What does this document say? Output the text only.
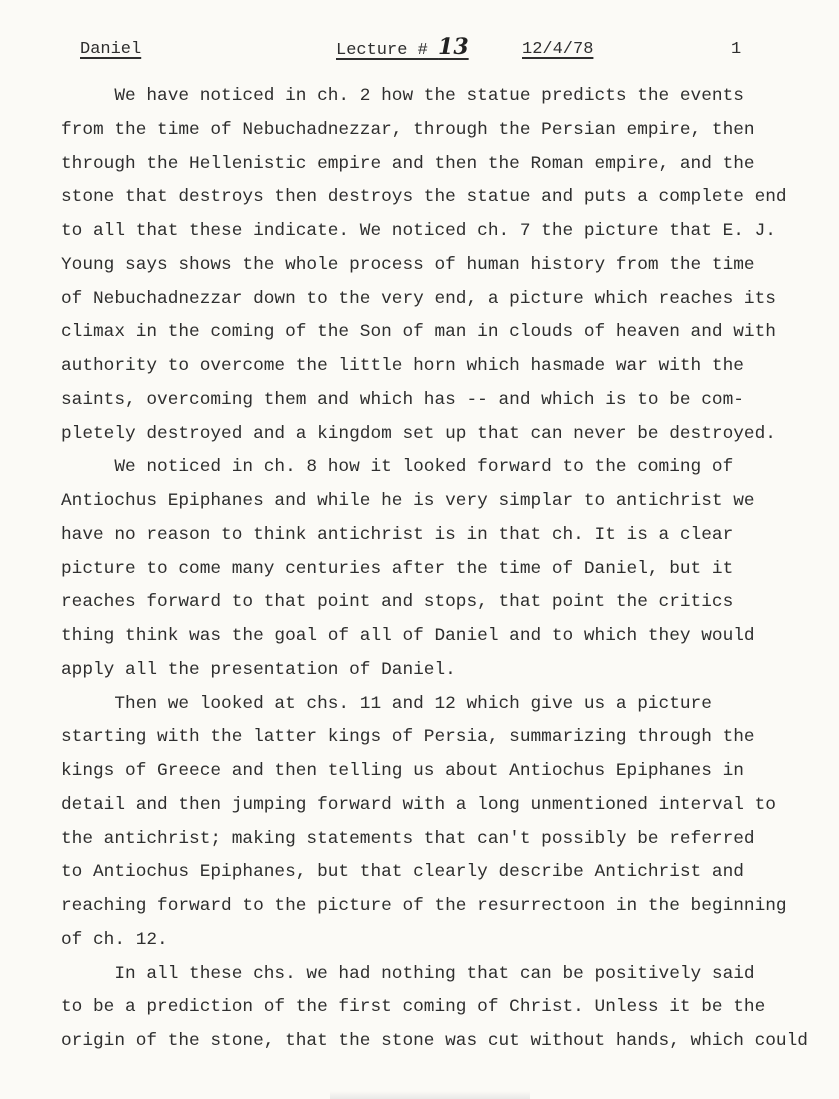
Daniel	Lecture # 13	12/4/78	1
We have noticed in ch. 2 how the statue predicts the events
from the time of Nebuchadnezzar, through the Persian empire, then
through the Hellenistic empire and then the Roman empire, and the
stone that destroys then destroys the statue and puts a complete end
to all that these indicate. We noticed ch. 7 the picture that E. J.
Young says shows the whole process of human history from the time
of Nebuchadnezzar down to the very end, a picture which reaches its
climax in the coming of the Son of man in clouds of heaven and with
authority to overcome the little horn which hasmade war with the
saints, overcoming them and which has -- and which is to be com-
pletely destroyed and a kingdom set up that can never be destroyed.
We noticed in ch. 8 how it looked forward to the coming of
Antiochus Epiphanes and while he is very simplar to antichrist we
have no reason to think antichrist is in that ch. It is a clear
picture to come many centuries after the time of Daniel, but it
reaches forward to that point and stops, that point the critics
thing think was the goal of all of Daniel and to which they would
apply all the presentation of Daniel.
Then we looked at chs. 11 and 12 which give us a picture
starting with the latter kings of Persia, summarizing through the
kings of Greece and then telling us about Antiochus Epiphanes in
detail and then jumping forward with a long unmentioned interval to
the antichrist; making statements that can't possibly be referred
to Antiochus Epiphanes, but that clearly describe Antichrist and
reaching forward to the picture of the resurrectoon in the beginning
of ch. 12.
In all these chs. we had nothing that can be positively said
to be a prediction of the first coming of Christ. Unless it be the
origin of the stone, that the stone was cut without hands, which could
